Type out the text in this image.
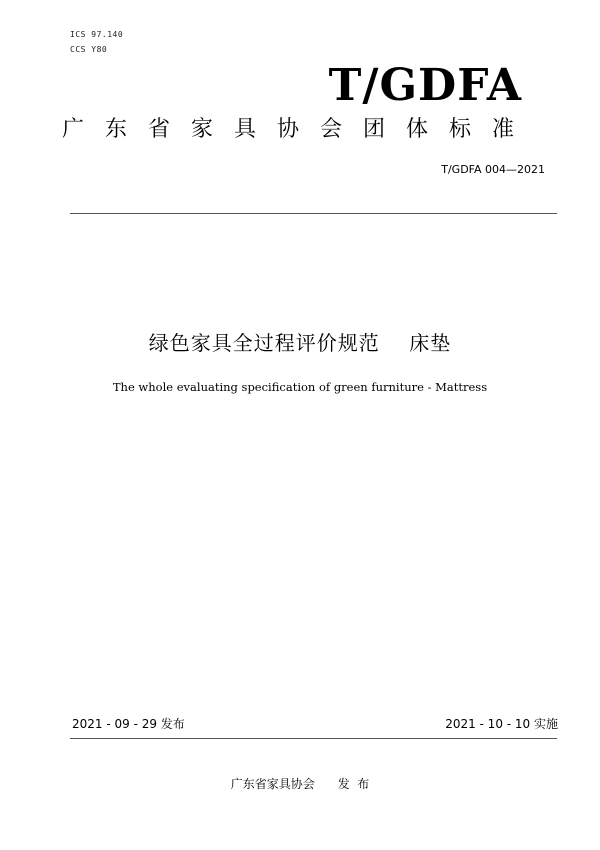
ICS 97.140
CCS Y80
T/GDFA
广东省家具协会团体标准
T/GDFA 004—2021
绿色家具全过程评价规范    床垫
The whole evaluating specification of green furniture - Mattress
2021 - 09 - 29 发布	2021 - 10 - 10 实施
广东省家具协会      发  布
